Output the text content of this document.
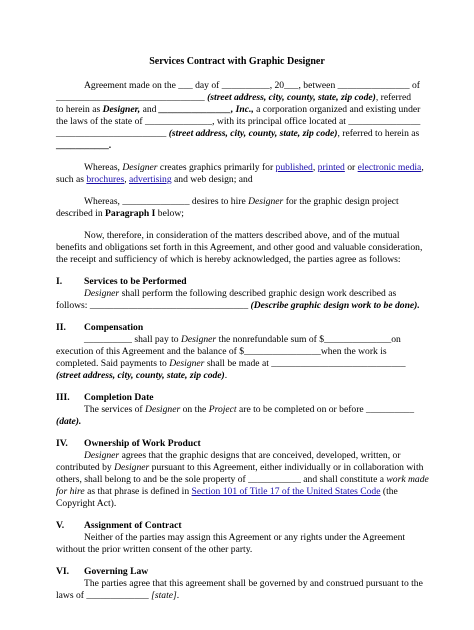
Services Contract with Graphic Designer
Agreement made on the ___ day of __________, 20___, between _______________ of
_______________________________ (street address, city, county, state, zip code), referred
to herein as Designer, and _______________, Inc., a corporation organized and existing under
the laws of the state of ______________, with its principal office located at _______________
_______________________ (street address, city, county, state, zip code), referred to herein as
___________.
Whereas, Designer creates graphics primarily for published, printed or electronic media,
such as brochures, advertising and web design; and
Whereas, ______________ desires to hire Designer for the graphic design project
described in Paragraph I below;
Now, therefore, in consideration of the matters described above, and of the mutual
benefits and obligations set forth in this Agreement, and other good and valuable consideration,
the receipt and sufficiency of which is hereby acknowledged, the parties agree as follows:
I. Services to be Performed
Designer shall perform the following described graphic design work described as
follows: _________________________________ (Describe graphic design work to be done).
II. Compensation
__________ shall pay to Designer the nonrefundable sum of $______________on
execution of this Agreement and the balance of $________________when the work is
completed. Said payments to Designer shall be made at ____________________________
(street address, city, county, state, zip code).
III. Completion Date
The services of Designer on the Project are to be completed on or before __________
(date).
IV. Ownership of Work Product
Designer agrees that the graphic designs that are conceived, developed, written, or
contributed by Designer pursuant to this Agreement, either individually or in collaboration with
others, shall belong to and be the sole property of ___________ and shall constitute a work made
for hire as that phrase is defined in Section 101 of Title 17 of the United States Code (the
Copyright Act).
V. Assignment of Contract
Neither of the parties may assign this Agreement or any rights under the Agreement
without the prior written consent of the other party.
VI. Governing Law
The parties agree that this agreement shall be governed by and construed pursuant to the
laws of _____________ [state].
